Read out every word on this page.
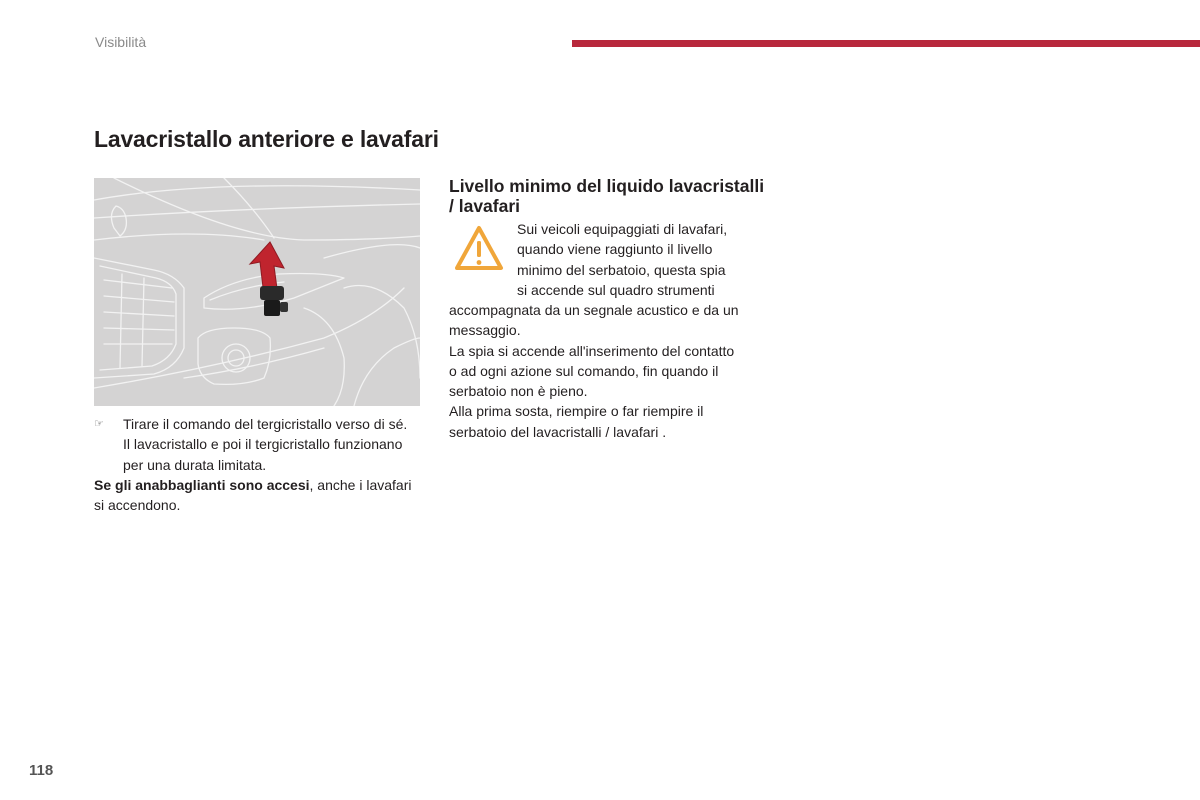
Visibilità
Lavacristallo anteriore e lavafari
☞	Tirare il comando del tergicristallo verso di sé. Il lavacristallo e poi il tergicristallo funzionano per una durata limitata.

Se gli anabbaglianti sono accesi, anche i lavafari si accendono.

Livello minimo del liquido lavacristalli / lavafari
Sui veicoli equipaggiati di lavafari,
quando viene raggiunto il livello
minimo del serbatoio, questa spia
si accende sul quadro strumenti
accompagnata da un segnale acustico e da un
messaggio.
La spia si accende all'inserimento del contatto
o ad ogni azione sul comando, fin quando il
serbatoio non è pieno.
Alla prima sosta, riempire o far riempire il
serbatoio del lavacristalli / lavafari .
118
